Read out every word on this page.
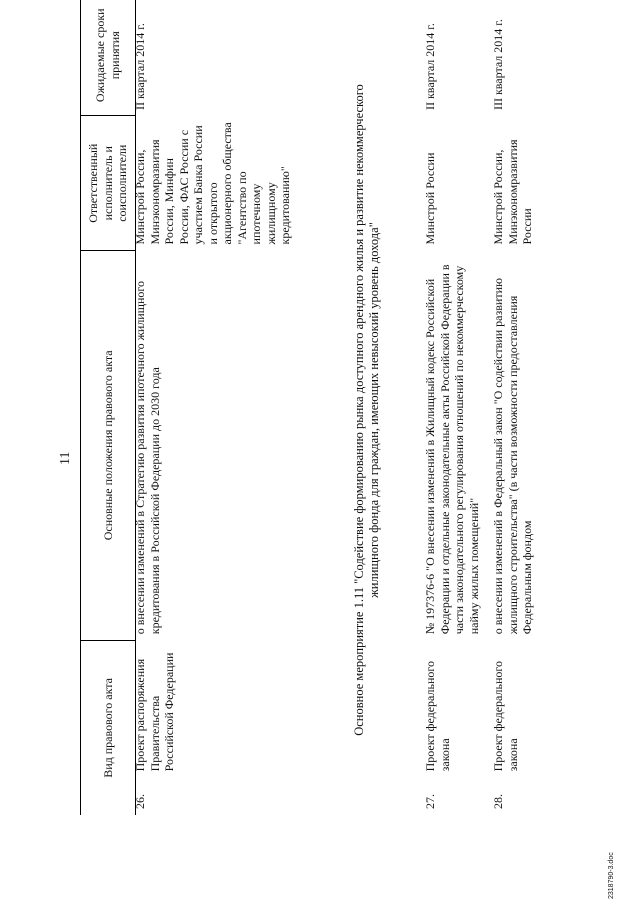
11
Вид правового акта	Основные положения правового акта	Ответственный исполнитель и соисполнители	Ожидаемые сроки принятия
26.	Проект распоряжения Правительства Российской Федерации	о внесении изменений в Стратегию развития ипотечного жилищного кредитования в Российской Федерации до 2030 года	Минстрой России, Минэкономразвития России, Минфин России, ФАС России с участием Банка России и открытого акционерного общества "Агентство по ипотечному жилищному кредитованию"	II квартал 2014 г.
Основное мероприятие 1.11 "Содействие формированию рынка доступного арендного жилья и развитие некоммерческого жилищного фонда для граждан, имеющих невысокий уровень дохода"
27.	Проект федерального закона	№ 197376-6 "О внесении изменений в Жилищный кодекс Российской Федерации и отдельные законодательные акты Российской Федерации в части законодательного регулирования отношений по некоммерческому найму жилых помещений"	Минстрой России	II квартал 2014 г.
28.	Проект федерального закона	о внесении изменений в Федеральный закон "О содействии развитию жилищного строительства" (в части возможности предоставления Федеральным фондом	Минстрой России, Минэкономразвития России	III квартал 2014 г.
2318790-3.doc
